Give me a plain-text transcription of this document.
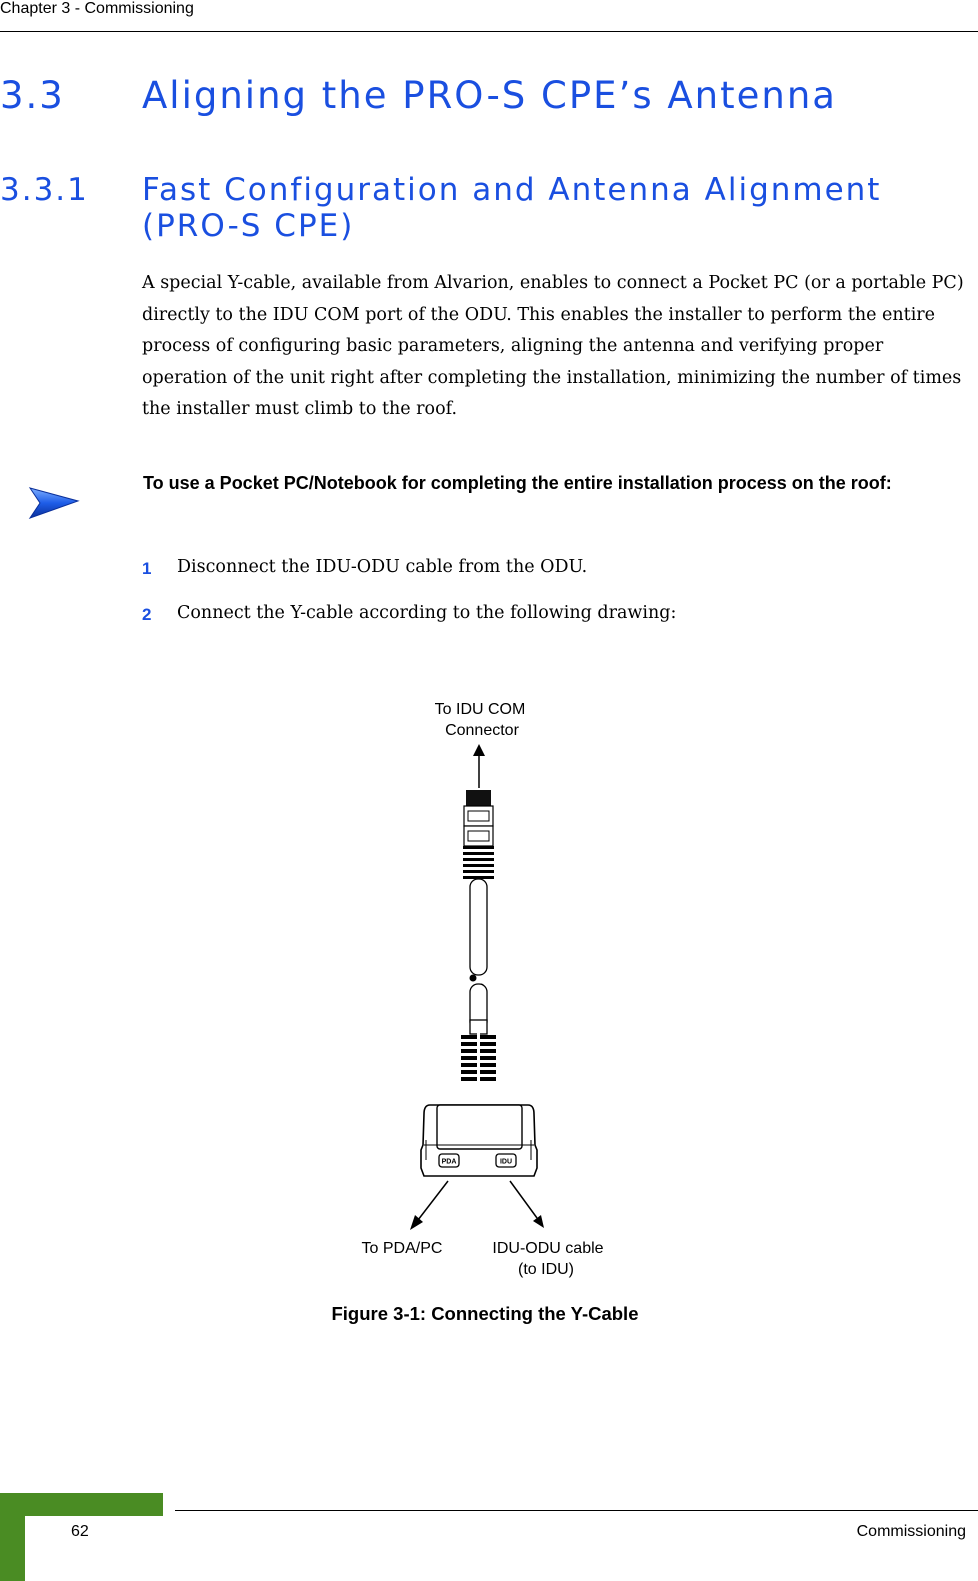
Chapter 3 - Commissioning
3.3 Aligning the PRO-S CPE’s Antenna
3.3.1 Fast Configuration and Antenna Alignment (PRO-S CPE)
A special Y-cable, available from Alvarion, enables to connect a Pocket PC (or a portable PC) directly to the IDU COM port of the ODU. This enables the installer to perform the entire process of configuring basic parameters, aligning the antenna and verifying proper operation of the unit right after completing the installation, minimizing the number of times the installer must climb to the roof.
To use a Pocket PC/Notebook for completing the entire installation process on the roof:
1 Disconnect the IDU-ODU cable from the ODU.
2 Connect the Y-cable according to the following drawing:
To IDU COM
Connector
PDA	IDU
To PDA/PC	IDU-ODU cable
(to IDU)
Figure 3-1: Connecting the Y-Cable
62	Commissioning
